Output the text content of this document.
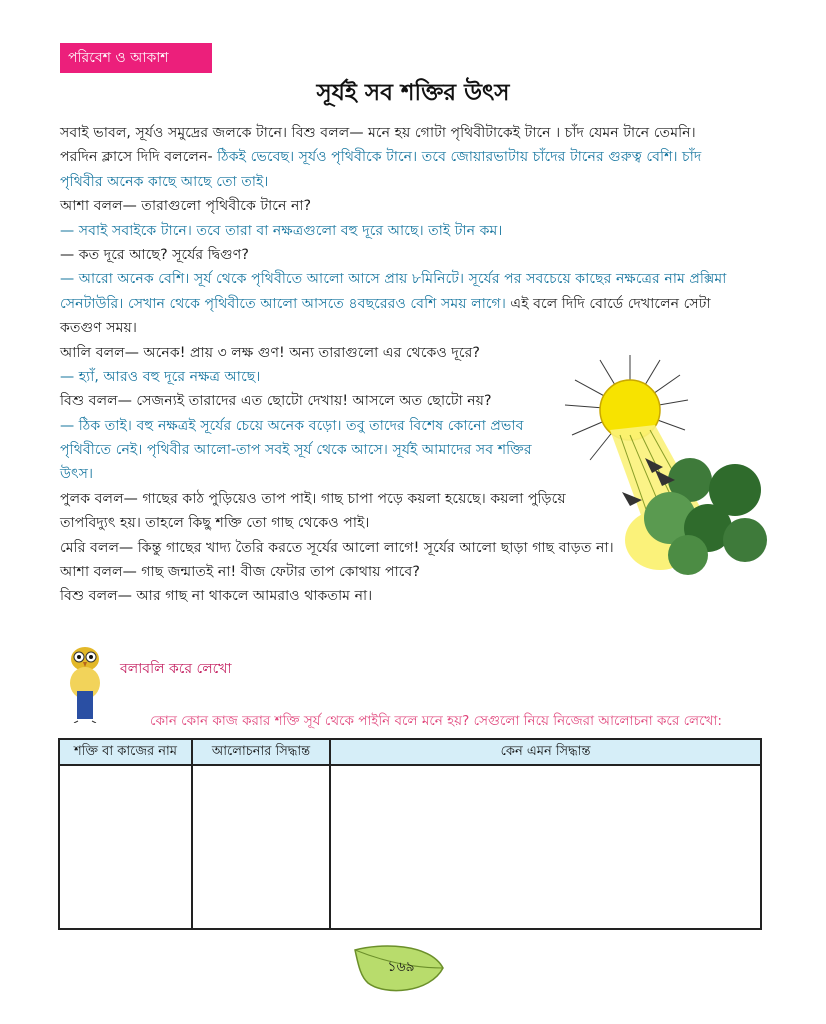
পরিবেশ ও আকাশ
সূর্যই সব শক্তির উৎস
সবাই ভাবল, সূর্যও সমুদ্রের জলকে টানে। বিশু বলল— মনে হয় গোটা পৃথিবীটাকেই টানে । চাঁদ যেমন টানে তেমনি।
পরদিন ক্লাসে দিদি বললেন- ঠিকই ভেবেছ। সূর্যও পৃথিবীকে টানে। তবে জোয়ারভাটায় চাঁদের টানের গুরুত্ব বেশি। চাঁদ
পৃথিবীর অনেক কাছে আছে তো তাই।
আশা বলল— তারাগুলো পৃথিবীকে টানে না?
— সবাই সবাইকে টানে। তবে তারা বা নক্ষত্রগুলো বহু দূরে আছে। তাই টান কম।
— কত দূরে আছে? সূর্যের দ্বিগুণ?
— আরো অনেক বেশি। সূর্য থেকে পৃথিবীতে আলো আসে প্রায় ৮মিনিটে। সূর্যের পর সবচেয়ে কাছের নক্ষত্রের নাম প্রক্সিমা
সেনটাউরি। সেখান থেকে পৃথিবীতে আলো আসতে ৪বছরেরও বেশি সময় লাগে। এই বলে দিদি বোর্ডে দেখালেন সেটা
কতগুণ সময়।
আলি বলল— অনেক! প্রায় ৩ লক্ষ গুণ! অন্য তারাগুলো এর থেকেও দূরে?
— হ্যাঁ, আরও বহু দূরে নক্ষত্র আছে।
বিশু বলল— সেজন্যই তারাদের এত ছোটো দেখায়! আসলে অত ছোটো নয়?
— ঠিক তাই। বহু নক্ষত্রই সূর্যের চেয়ে অনেক বড়ো। তবু তাদের বিশেষ কোনো প্রভাব
পৃথিবীতে নেই। পৃথিবীর আলো-তাপ সবই সূর্য থেকে আসে। সূর্যই আমাদের সব শক্তির
উৎস।
পুলক বলল— গাছের কাঠ পুড়িয়েও তাপ পাই। গাছ চাপা পড়ে কয়লা হয়েছে। কয়লা পুড়িয়ে
তাপবিদ্যুৎ হয়। তাহলে কিছু শক্তি তো গাছ থেকেও পাই।
মেরি বলল— কিন্তু গাছের খাদ্য তৈরি করতে সূর্যের আলো লাগে! সূর্যের আলো ছাড়া গাছ বাড়ত না।
আশা বলল— গাছ জন্মাতই না! বীজ ফেটার তাপ কোথায় পাবে?
বিশু বলল— আর গাছ না থাকলে আমরাও থাকতাম না।
বলাবলি করে লেখো
কোন কোন কাজ করার শক্তি সূর্য থেকে পাইনি বলে মনে হয়? সেগুলো নিয়ে নিজেরা আলোচনা করে লেখো:
শক্তি বা কাজের নাম	আলোচনার সিদ্ধান্ত	কেন এমন সিদ্ধান্ত

১৬৯
